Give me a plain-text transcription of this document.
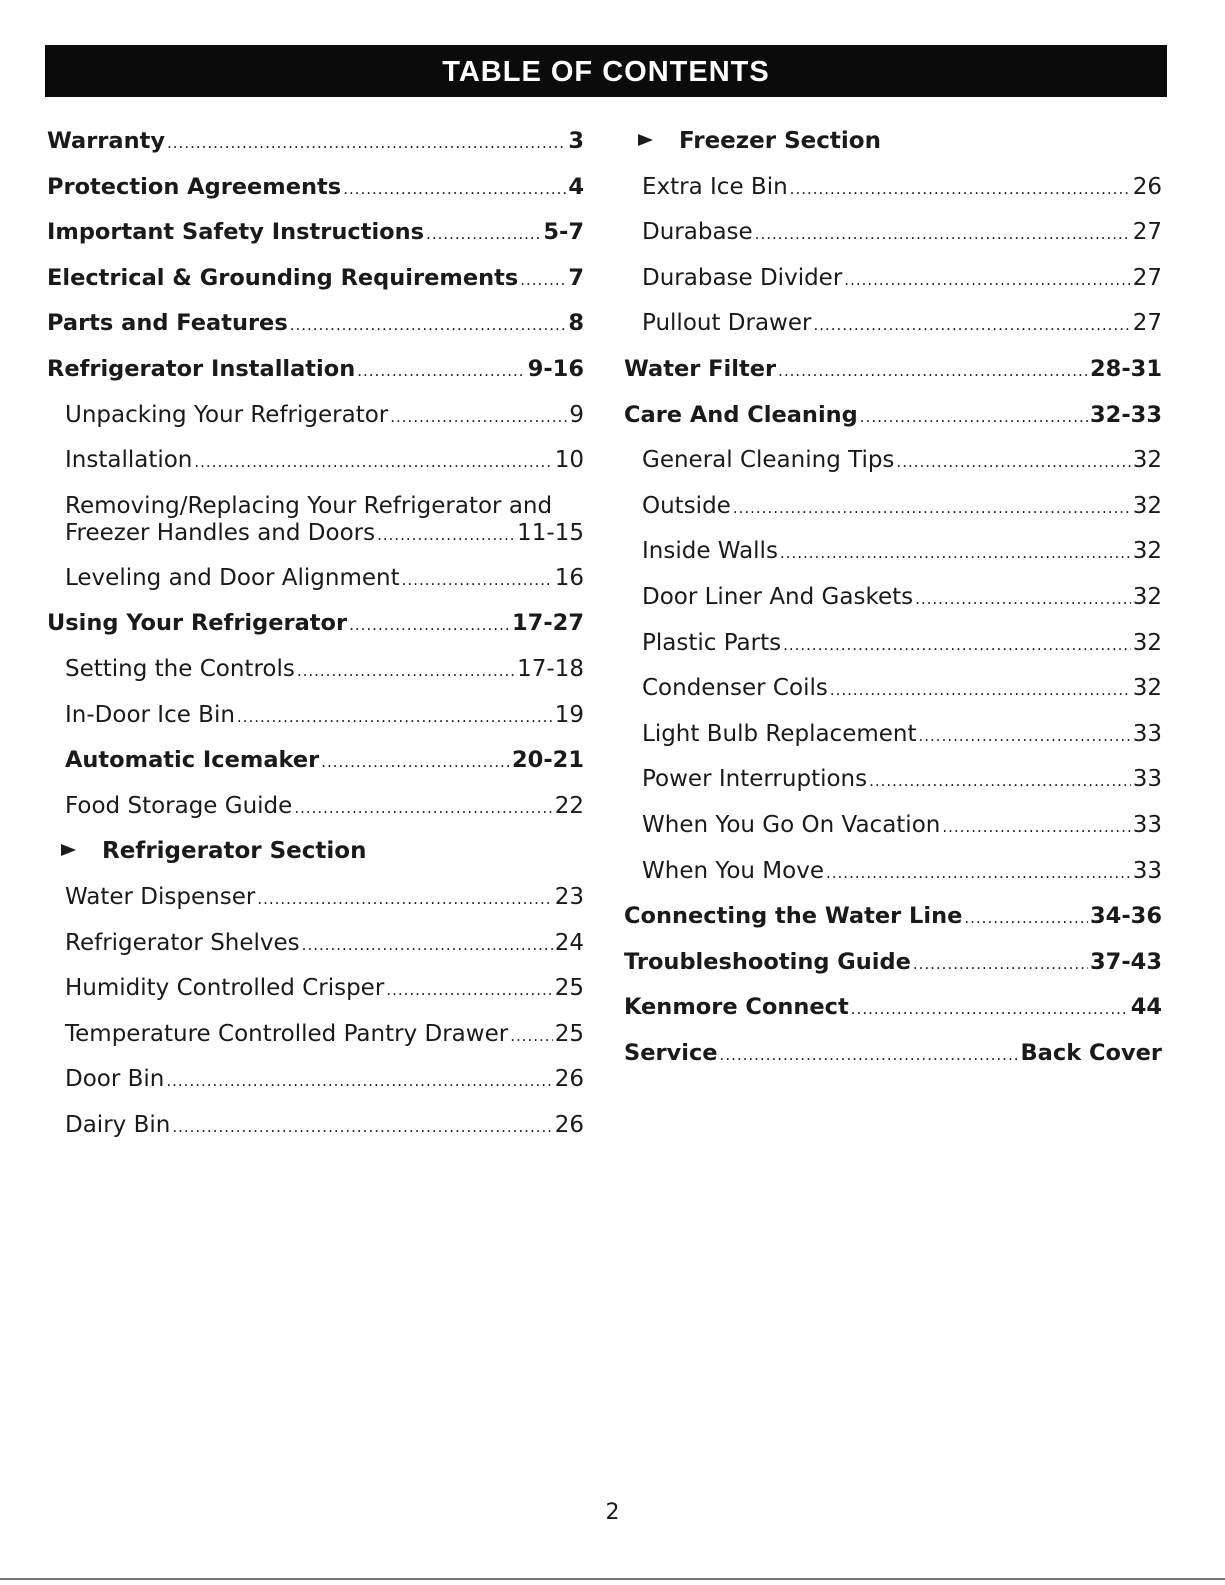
TABLE OF CONTENTS
Warranty .....	3
Protection Agreements .....	4
Important Safety Instructions .....	5-7
Electrical & Grounding Requirements ..... 7
Parts and Features .....	8
Refrigerator Installation .....	9-16
Unpacking Your Refrigerator .....	9
Installation .....	10
Removing/Replacing Your Refrigerator and
Freezer Handles and Doors .....	11-15
Leveling and Door Alignment .....	16
Using Your Refrigerator .....	17-27
Setting the Controls .....	17-18
In-Door Ice Bin .....	19
Automatic Icemaker .....	20-21
Food Storage Guide .....	22
Refrigerator Section
Water Dispenser .....	23
Refrigerator Shelves .....	24
Humidity Controlled Crisper .....	25
Temperature Controlled Pantry Drawer ..... 25
Door Bin .....	26
Dairy Bin .....	26
Freezer Section
Extra Ice Bin .....	26
Durabase .....	27
Durabase Divider .....	27
Pullout Drawer .....	27
Water Filter .....	28-31
Care And Cleaning .....	32-33
General Cleaning Tips .....	32
Outside .....	32
Inside Walls .....	32
Door Liner And Gaskets .....	32
Plastic Parts .....	32
Condenser Coils .....	32
Light Bulb Replacement .....	33
Power Interruptions .....	33
When You Go On Vacation .....	33
When You Move .....	33
Connecting the Water Line .....	34-36
Troubleshooting Guide .....	37-43
Kenmore Connect .....	44
Service .....	Back Cover
2
